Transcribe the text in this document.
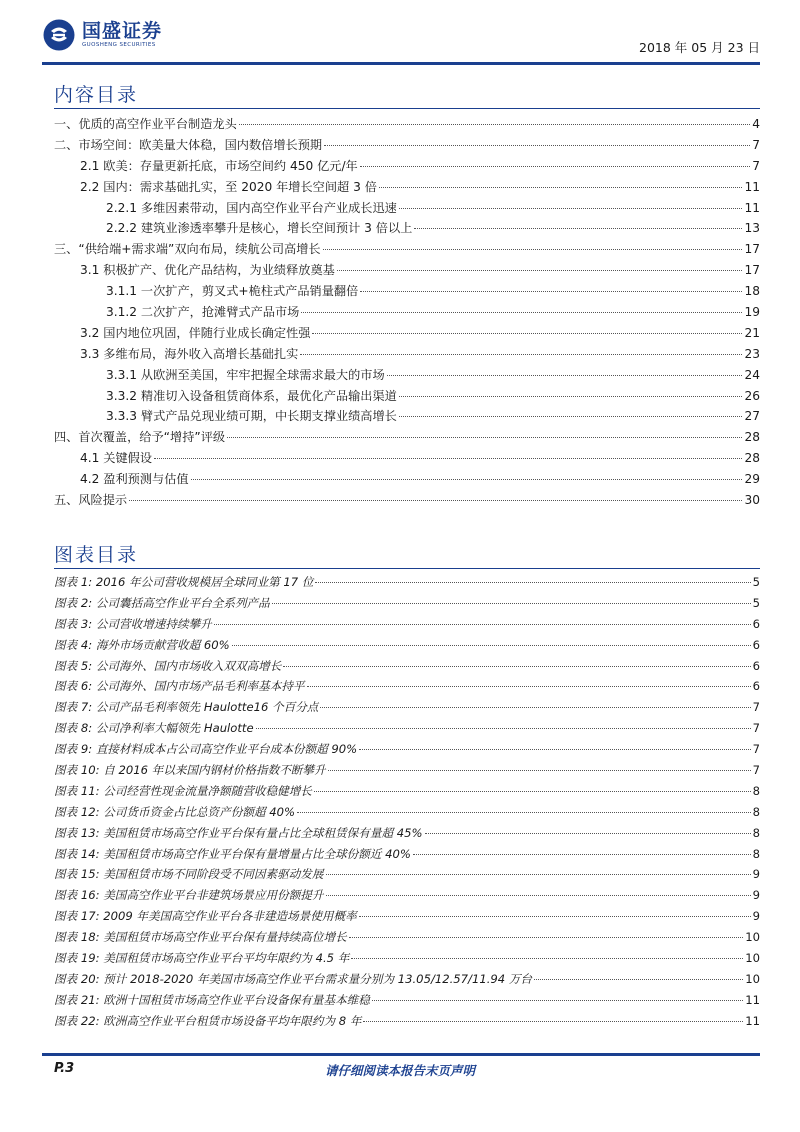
国盛证券
GUOSHENG SECURITIES	2018 年 05 月 23 日
内容目录
一、优质的高空作业平台制造龙头	4
二、市场空间：欧美量大体稳，国内数倍增长预期	7
2.1 欧美：存量更新托底，市场空间约 450 亿元/年	7
2.2 国内：需求基础扎实，至 2020 年增长空间超 3 倍	11
2.2.1 多维因素带动，国内高空作业平台产业成长迅速	11
2.2.2 建筑业渗透率攀升是核心，增长空间预计 3 倍以上	13
三、“供给端+需求端”双向布局，续航公司高增长	17
3.1 积极扩产、优化产品结构，为业绩释放奠基	17
3.1.1 一次扩产，剪叉式+桅柱式产品销量翻倍	18
3.1.2 二次扩产，抢滩臂式产品市场	19
3.2 国内地位巩固，伴随行业成长确定性强	21
3.3 多维布局，海外收入高增长基础扎实	23
3.3.1 从欧洲至美国，牢牢把握全球需求最大的市场	24
3.3.2 精准切入设备租赁商体系，最优化产品输出渠道	26
3.3.3 臂式产品兑现业绩可期，中长期支撑业绩高增长	27
四、首次覆盖，给予“增持”评级	28
4.1 关键假设	28
4.2 盈利预测与估值	29
五、风险提示	30
图表目录
图表 1: 2016 年公司营收规模居全球同业第 17 位	5
图表 2: 公司囊括高空作业平台全系列产品	5
图表 3: 公司营收增速持续攀升	6
图表 4: 海外市场贡献营收超 60%	6
图表 5: 公司海外、国内市场收入双双高增长	6
图表 6: 公司海外、国内市场产品毛利率基本持平	6
图表 7: 公司产品毛利率领先 Haulotte16 个百分点	7
图表 8: 公司净利率大幅领先 Haulotte	7
图表 9: 直接材料成本占公司高空作业平台成本份额超 90%	7
图表 10: 自 2016 年以来国内钢材价格指数不断攀升	7
图表 11: 公司经营性现金流量净额随营收稳健增长	8
图表 12: 公司货币资金占比总资产份额超 40%	8
图表 13: 美国租赁市场高空作业平台保有量占比全球租赁保有量超 45%	8
图表 14: 美国租赁市场高空作业平台保有量增量占比全球份额近 40%	8
图表 15: 美国租赁市场不同阶段受不同因素驱动发展	9
图表 16: 美国高空作业平台非建筑场景应用份额提升	9
图表 17: 2009 年美国高空作业平台各非建造场景使用概率	9
图表 18: 美国租赁市场高空作业平台保有量持续高位增长	10
图表 19: 美国租赁市场高空作业平台平均年限约为 4.5 年	10
图表 20: 预计 2018-2020 年美国市场高空作业平台需求量分别为 13.05/12.57/11.94 万台	10
图表 21: 欧洲十国租赁市场高空作业平台设备保有量基本维稳	11
图表 22: 欧洲高空作业平台租赁市场设备平均年限约为 8 年	11
P.3	请仔细阅读本报告末页声明
